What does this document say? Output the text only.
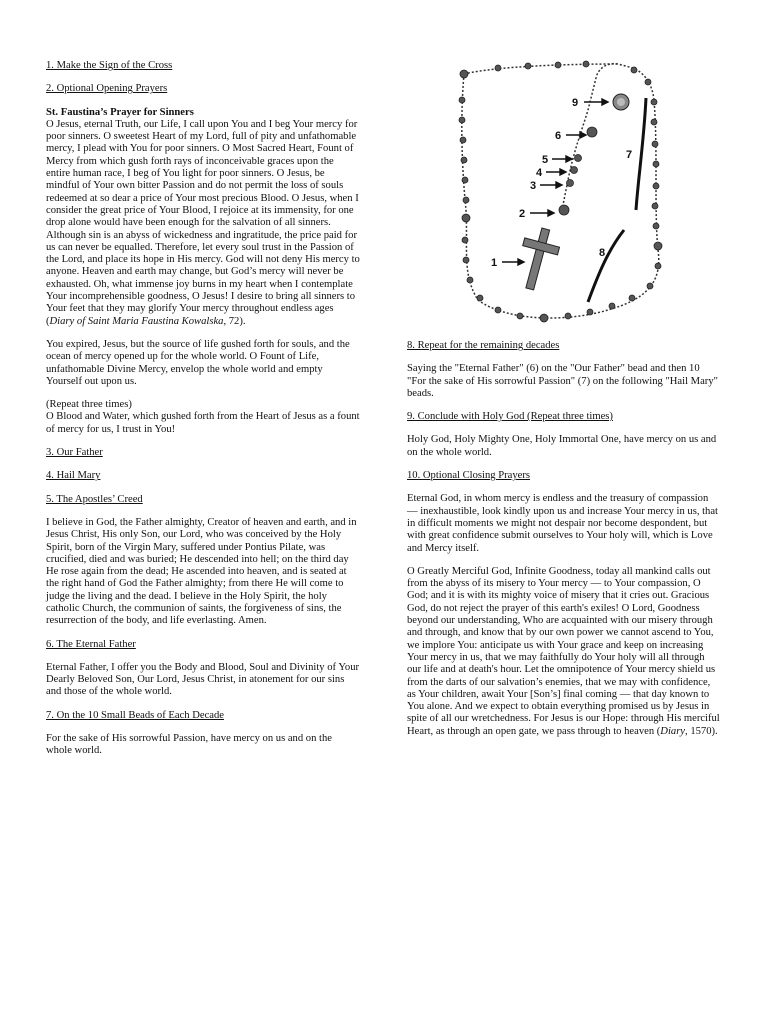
1. Make the Sign of the Cross
2. Optional Opening Prayers
St. Faustina’s Prayer for Sinners

O Jesus, eternal Truth, our Life, I call upon You and I beg Your mercy for poor sinners. O sweetest Heart of my Lord, full of pity and unfathomable mercy, I plead with You for poor sinners. O Most Sacred Heart, Fount of Mercy from which gush forth rays of inconceivable graces upon the entire human race, I beg of You light for poor sinners. O Jesus, be mindful of Your own bitter Passion and do not permit the loss of souls redeemed at so dear a price of Your most precious Blood. O Jesus, when I consider the great price of Your Blood, I rejoice at its immensity, for one drop alone would have been enough for the salvation of all sinners. Although sin is an abyss of wickedness and ingratitude, the price paid for us can never be equalled. Therefore, let every soul trust in the Passion of the Lord, and place its hope in His mercy. God will not deny His mercy to anyone. Heaven and earth may change, but God’s mercy will never be exhausted. Oh, what immense joy burns in my heart when I contemplate Your incomprehensible goodness, O Jesus! I desire to bring all sinners to Your feet that they may glorify Your mercy throughout endless ages (Diary of Saint Maria Faustina Kowalska, 72).

You expired, Jesus, but the source of life gushed forth for souls, and the ocean of mercy opened up for the whole world. O Fount of Life, unfathomable Divine Mercy, envelop the whole world and empty Yourself out upon us.

(Repeat three times)

O Blood and Water, which gushed forth from the Heart of Jesus as a fount of mercy for us, I trust in You!

3. Our Father
4. Hail Mary
5. The Apostles’ Creed

I believe in God, the Father almighty, Creator of heaven and earth, and in Jesus Christ, His only Son, our Lord, who was conceived by the Holy Spirit, born of the Virgin Mary, suffered under Pontius Pilate, was crucified, died and was buried; He descended into hell; on the third day He rose again from the dead; He ascended into heaven, and is seated at the right hand of God the Father almighty; from there He will come to judge the living and the dead. I believe in the Holy Spirit, the holy catholic Church, the communion of saints, the forgiveness of sins, the resurrection of the body, and life everlasting. Amen.

6. The Eternal Father

Eternal Father, I offer you the Body and Blood, Soul and Divinity of Your Dearly Beloved Son, Our Lord, Jesus Christ, in atonement for our sins and those of the whole world.

7. On the 10 Small Beads of Each Decade

For the sake of His sorrowful Passion, have mercy on us and on the whole world.

9
6
5
4
3
2
1
7
8
8. Repeat for the remaining decades

Saying the "Eternal Father" (6) on the "Our Father" bead and then 10 "For the sake of His sorrowful Passion" (7) on the following "Hail Mary" beads.

9. Conclude with Holy God (Repeat three times)

Holy God, Holy Mighty One, Holy Immortal One, have mercy on us and on the whole world.

10. Optional Closing Prayers

Eternal God, in whom mercy is endless and the treasury of compassion — inexhaustible, look kindly upon us and increase Your mercy in us, that in difficult moments we might not despair nor become despondent, but with great confidence submit ourselves to Your holy will, which is Love and Mercy itself.

O Greatly Merciful God, Infinite Goodness, today all mankind calls out from the abyss of its misery to Your mercy — to Your compassion, O God; and it is with its mighty voice of misery that it cries out. Gracious God, do not reject the prayer of this earth's exiles! O Lord, Goodness beyond our understanding, Who are acquainted with our misery through and through, and know that by our own power we cannot ascend to You, we implore You: anticipate us with Your grace and keep on increasing Your mercy in us, that we may faithfully do Your holy will all through our life and at death's hour. Let the omnipotence of Your mercy shield us from the darts of our salvation’s enemies, that we may with confidence, as Your children, await Your [Son’s] final coming — that day known to You alone. And we expect to obtain everything promised us by Jesus in spite of all our wretchedness. For Jesus is our Hope: through His merciful Heart, as through an open gate, we pass through to heaven (Diary, 1570).
